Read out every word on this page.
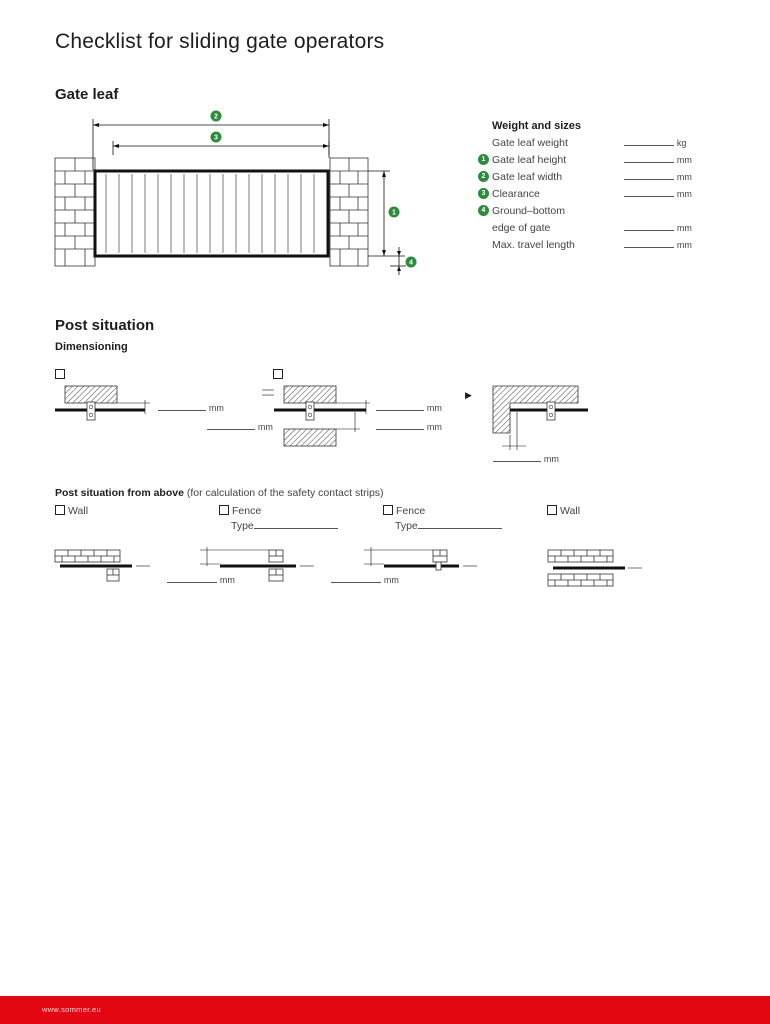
Checklist for sliding gate operators
Gate leaf
2
3
1
4
Weight and sizes
Gate leaf weight	kg
1 Gate leaf height	mm
2 Gate leaf width	mm
3 Clearance	mm
4 Ground–bottom
edge of gate	mm
Max. travel length	mm
Post situation
Dimensioning
▶
mm
mm
mm
mm
mm
Post situation from above (for calculation of the safety contact strips)
Wall	Fence
Type
Fence
Type
Wall
mm	mm
www.sommer.eu
